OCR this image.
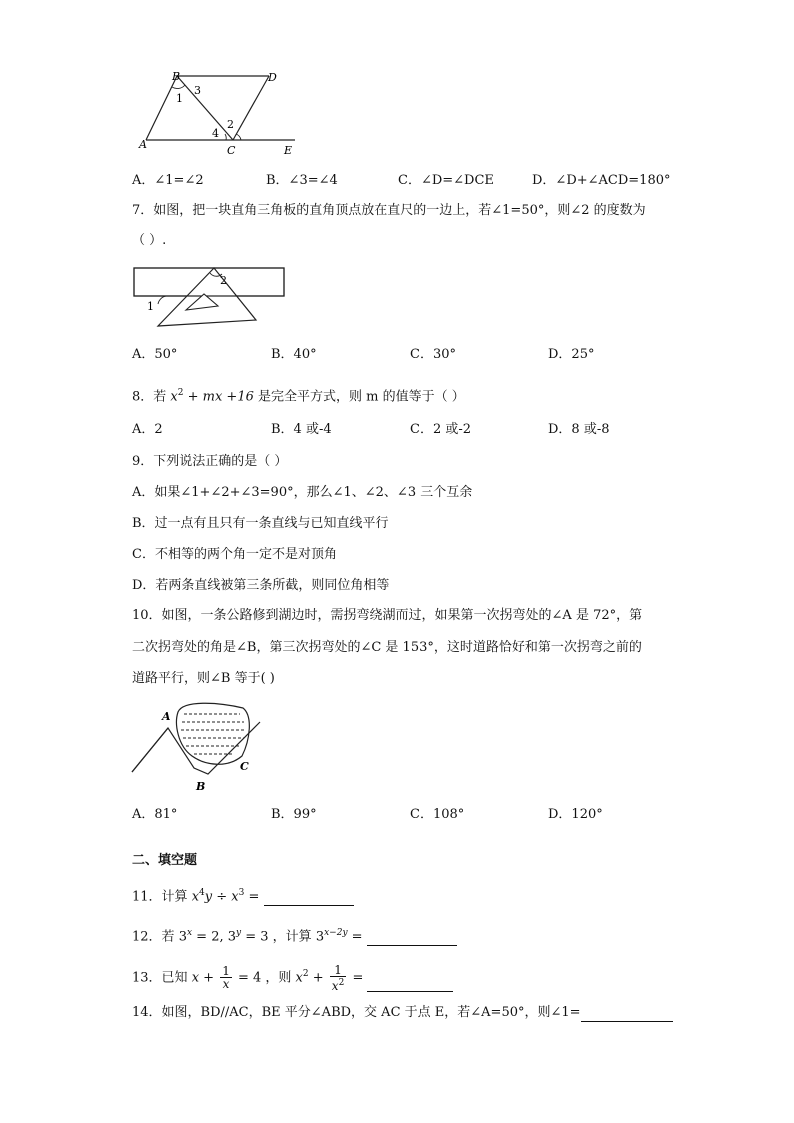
B	D
A	C	E
1
2
3
4
A．∠1=∠2	B．∠3=∠4	C．∠D=∠DCE	D．∠D+∠ACD=180°
7．如图，把一块直角三角板的直角顶点放在直尺的一边上，若∠1=50°，则∠2 的度数为
（ ）.
1
2
A．50°	B．40°	C．30°	D．25°
8．若 $x^2$ + mx +16 是完全平方式，则 m 的值等于（ ）
A．2	B．4 或-4	C．2 或-2	D．8 或-8
9．下列说法正确的是（ ）
A．如果∠1+∠2+∠3=90°，那么∠1、∠2、∠3 三个互余
B．过一点有且只有一条直线与已知直线平行
C．不相等的两个角一定不是对顶角
D．若两条直线被第三条所截，则同位角相等
10．如图，一条公路修到湖边时，需拐弯绕湖而过，如果第一次拐弯处的∠A 是 72°，第
二次拐弯处的角是∠B，第三次拐弯处的∠C 是 153°，这时道路恰好和第一次拐弯之前的
道路平行，则∠B 等于( )
A
B
C
A．81°	B．99°	C．108°	D．120°
二、填空题
11．计算 $x^4y \div x^3$ =
12．若 $3^x = 2$, $3^y = 3$ ，计算 $3^{x-2y}$ =
13．已知 $x + \frac{1}{x} = 4$ ，则 $x^2 + \frac{1}{x^2}$ =
14．如图，BD//AC，BE 平分∠ABD，交 AC 于点 E，若∠A=50°，则∠1=
